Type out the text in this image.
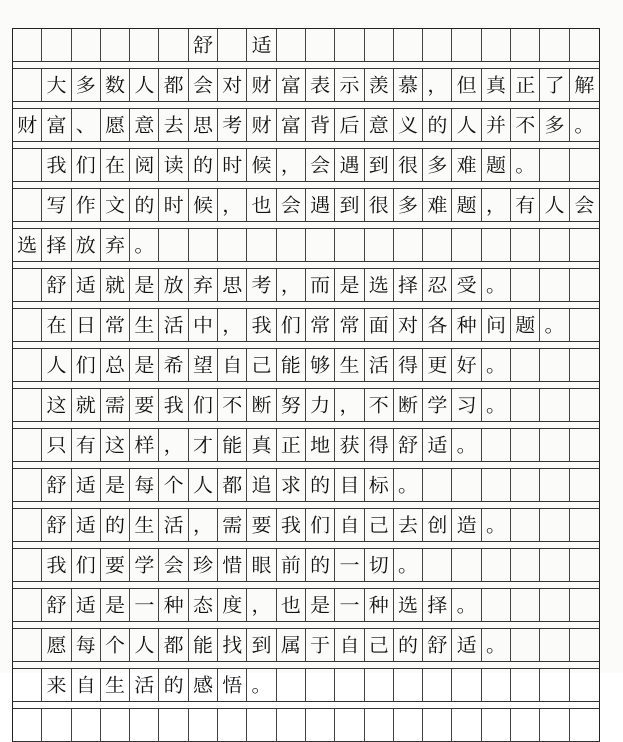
舒 适
大 多 数 人 都 会 对 财 富 表 示 羡 慕 ， 但 真 正 了 解
财 富 、 愿 意 去 思 考 财 富 背 后 意 义 的 人 并 不 多 。
我 们 在 阅 读 的 时 候 ， 会 遇 到 很 多 难 题 。
写 作 文 的 时 候 ， 也 会 遇 到 很 多 难 题 ， 有 人 会
选 择 放 弃 。
舒 适 就 是 放 弃 思 考 ， 而 是 选 择 忍 受 。
在 日 常 生 活 中 ， 我 们 常 常 面 对 各 种 问 题 。
人 们 总 是 希 望 自 己 能 够 生 活 得 更 好 。
这 就 需 要 我 们 不 断 努 力 ， 不 断 学 习 。
只 有 这 样 ， 才 能 真 正 地 获 得 舒 适 。
舒 适 是 每 个 人 都 追 求 的 目 标 。
舒 适 的 生 活 ， 需 要 我 们 自 己 去 创 造 。
我 们 要 学 会 珍 惜 眼 前 的 一 切 。
舒 适 是 一 种 态 度 ， 也 是 一 种 选 择 。
愿 每 个 人 都 能 找 到 属 于 自 己 的 舒 适 。
来 自 生 活 的 感 悟 。
